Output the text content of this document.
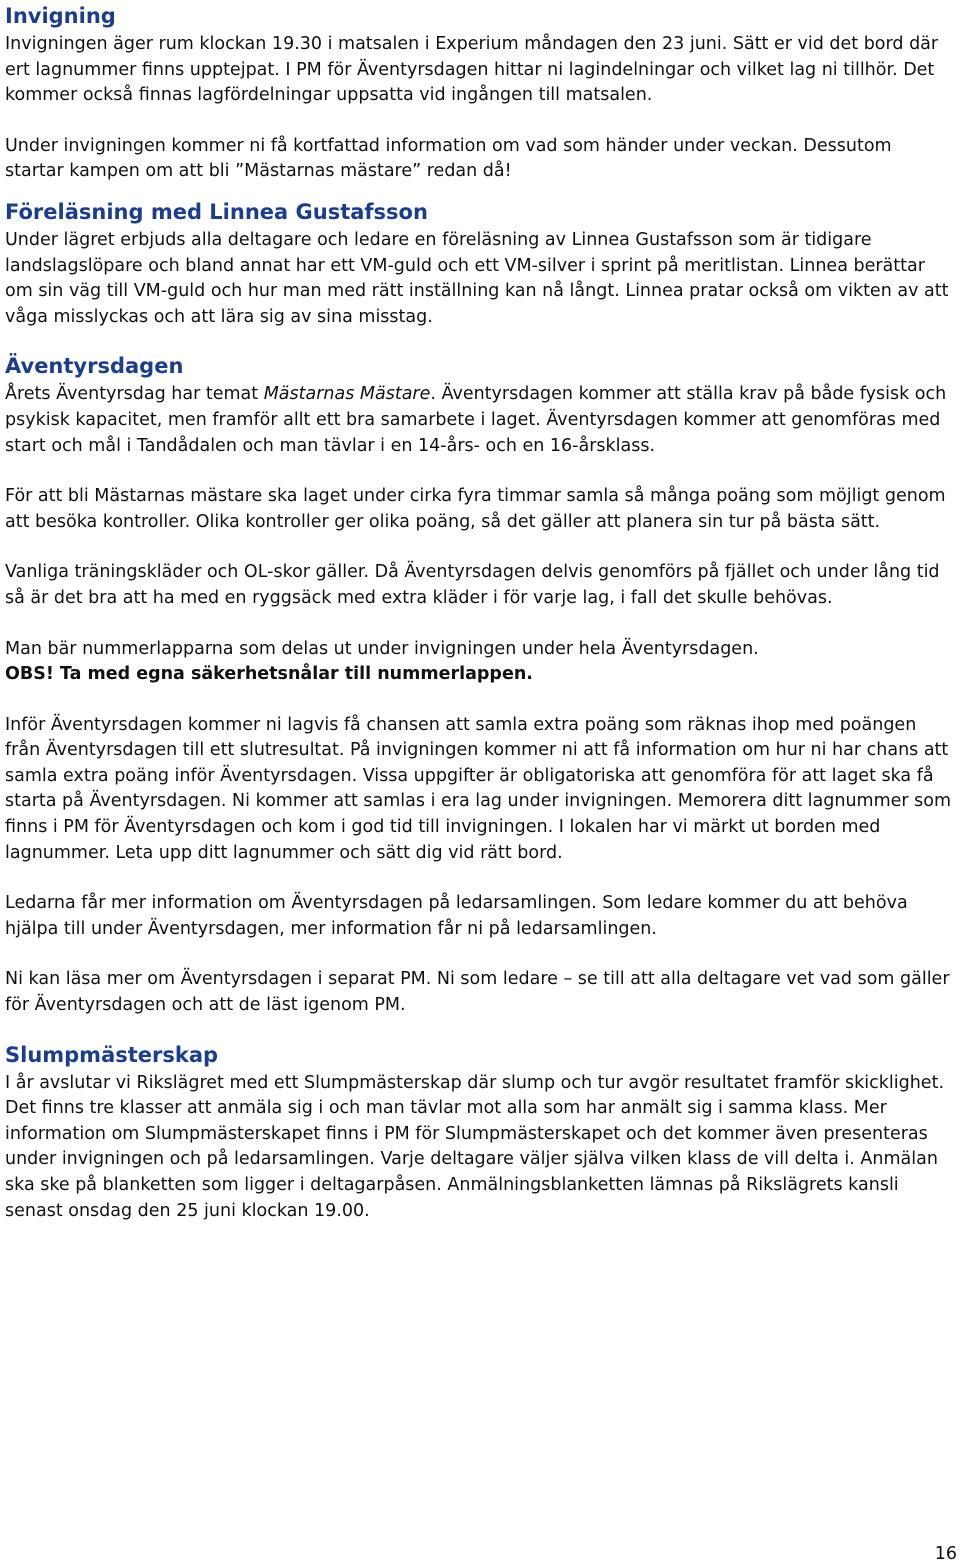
Invigning

Invigningen äger rum klockan 19.30 i matsalen i Experium måndagen den 23 juni. Sätt er vid det bord där ert lagnummer finns upptejpat. I PM för Äventyrsdagen hittar ni lagindelningar och vilket lag ni tillhör. Det kommer också finnas lagfördelningar uppsatta vid ingången till matsalen.

Under invigningen kommer ni få kortfattad information om vad som händer under veckan. Dessutom startar kampen om att bli ”Mästarnas mästare” redan då!

Föreläsning med Linnea Gustafsson

Under lägret erbjuds alla deltagare och ledare en föreläsning av Linnea Gustafsson som är tidigare landslagslöpare och bland annat har ett VM-guld och ett VM-silver i sprint på meritlistan. Linnea berättar om sin väg till VM-guld och hur man med rätt inställning kan nå långt. Linnea pratar också om vikten av att våga misslyckas och att lära sig av sina misstag.

Äventyrsdagen

Årets Äventyrsdag har temat Mästarnas Mästare. Äventyrsdagen kommer att ställa krav på både fysisk och psykisk kapacitet, men framför allt ett bra samarbete i laget. Äventyrsdagen kommer att genomföras med start och mål i Tandådalen och man tävlar i en 14-års- och en 16-årsklass.

För att bli Mästarnas mästare ska laget under cirka fyra timmar samla så många poäng som möjligt genom att besöka kontroller. Olika kontroller ger olika poäng, så det gäller att planera sin tur på bästa sätt.

Vanliga träningskläder och OL-skor gäller. Då Äventyrsdagen delvis genomförs på fjället och under lång tid så är det bra att ha med en ryggsäck med extra kläder i för varje lag, i fall det skulle behövas.

Man bär nummerlapparna som delas ut under invigningen under hela Äventyrsdagen.

OBS! Ta med egna säkerhetsnålar till nummerlappen.

Inför Äventyrsdagen kommer ni lagvis få chansen att samla extra poäng som räknas ihop med poängen från Äventyrsdagen till ett slutresultat. På invigningen kommer ni att få information om hur ni har chans att samla extra poäng inför Äventyrsdagen. Vissa uppgifter är obligatoriska att genomföra för att laget ska få starta på Äventyrsdagen. Ni kommer att samlas i era lag under invigningen. Memorera ditt lagnummer som finns i PM för Äventyrsdagen och kom i god tid till invigningen. I lokalen har vi märkt ut borden med lagnummer. Leta upp ditt lagnummer och sätt dig vid rätt bord.

Ledarna får mer information om Äventyrsdagen på ledarsamlingen. Som ledare kommer du att behöva hjälpa till under Äventyrsdagen, mer information får ni på ledarsamlingen.

Ni kan läsa mer om Äventyrsdagen i separat PM. Ni som ledare – se till att alla deltagare vet vad som gäller för Äventyrsdagen och att de läst igenom PM.

Slumpmästerskap

I år avslutar vi Rikslägret med ett Slumpmästerskap där slump och tur avgör resultatet framför skicklighet. Det finns tre klasser att anmäla sig i och man tävlar mot alla som har anmält sig i samma klass. Mer information om Slumpmästerskapet finns i PM för Slumpmästerskapet och det kommer även presenteras under invigningen och på ledarsamlingen. Varje deltagare väljer själva vilken klass de vill delta i. Anmälan ska ske på blanketten som ligger i deltagarpåsen. Anmälningsblanketten lämnas på Rikslägrets kansli senast onsdag den 25 juni klockan 19.00.

16
